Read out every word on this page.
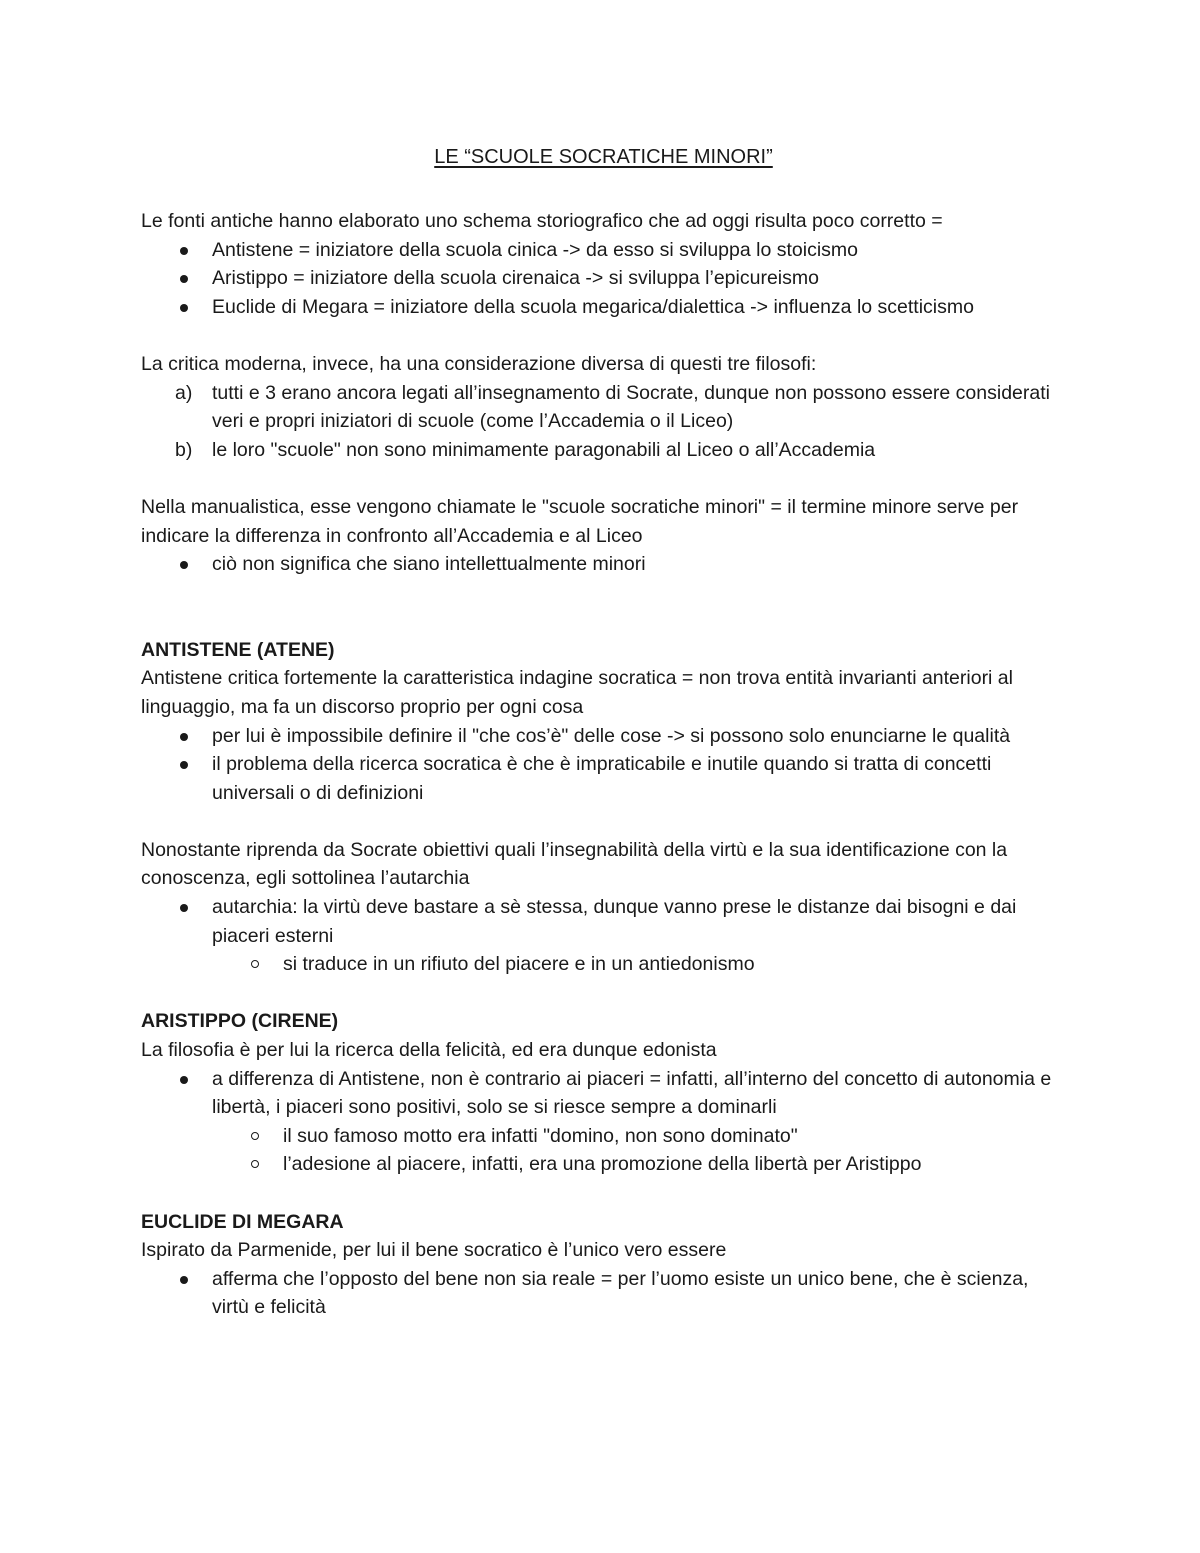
LE “SCUOLE SOCRATICHE MINORI”

Le fonti antiche hanno elaborato uno schema storiografico che ad oggi risulta poco corretto =

Antistene = iniziatore della scuola cinica -> da esso si sviluppa lo stoicismo
Aristippo = iniziatore della scuola cirenaica -> si sviluppa l’epicureismo
Euclide di Megara = iniziatore della scuola megarica/dialettica -> influenza lo scetticismo

La critica moderna, invece, ha una considerazione diversa di questi tre filosofi:

a) tutti e 3 erano ancora legati all’insegnamento di Socrate, dunque non possono essere considerati veri e propri iniziatori di scuole (come l’Accademia o il Liceo)
b) le loro "scuole" non sono minimamente paragonabili al Liceo o all’Accademia

Nella manualistica, esse vengono chiamate le "scuole socratiche minori" = il termine minore serve per indicare la differenza in confronto all’Accademia e al Liceo

ciò non significa che siano intellettualmente minori

ANTISTENE (ATENE)

Antistene critica fortemente la caratteristica indagine socratica = non trova entità invarianti anteriori al linguaggio, ma fa un discorso proprio per ogni cosa

per lui è impossibile definire il "che cos’è" delle cose -> si possono solo enunciarne le qualità
il problema della ricerca socratica è che è impraticabile e inutile quando si tratta di concetti universali o di definizioni

Nonostante riprenda da Socrate obiettivi quali l’insegnabilità della virtù e la sua identificazione con la conoscenza, egli sottolinea l’autarchia

autarchia: la virtù deve bastare a sè stessa, dunque vanno prese le distanze dai bisogni e dai piaceri esterni
si traduce in un rifiuto del piacere e in un antiedonismo

ARISTIPPO (CIRENE)

La filosofia è per lui la ricerca della felicità, ed era dunque edonista

a differenza di Antistene, non è contrario ai piaceri = infatti, all’interno del concetto di autonomia e libertà, i piaceri sono positivi, solo se si riesce sempre a dominarli
il suo famoso motto era infatti "domino, non sono dominato"
l’adesione al piacere, infatti, era una promozione della libertà per Aristippo

EUCLIDE DI MEGARA

Ispirato da Parmenide, per lui il bene socratico è l’unico vero essere

afferma che l’opposto del bene non sia reale = per l’uomo esiste un unico bene, che è scienza, virtù e felicità
